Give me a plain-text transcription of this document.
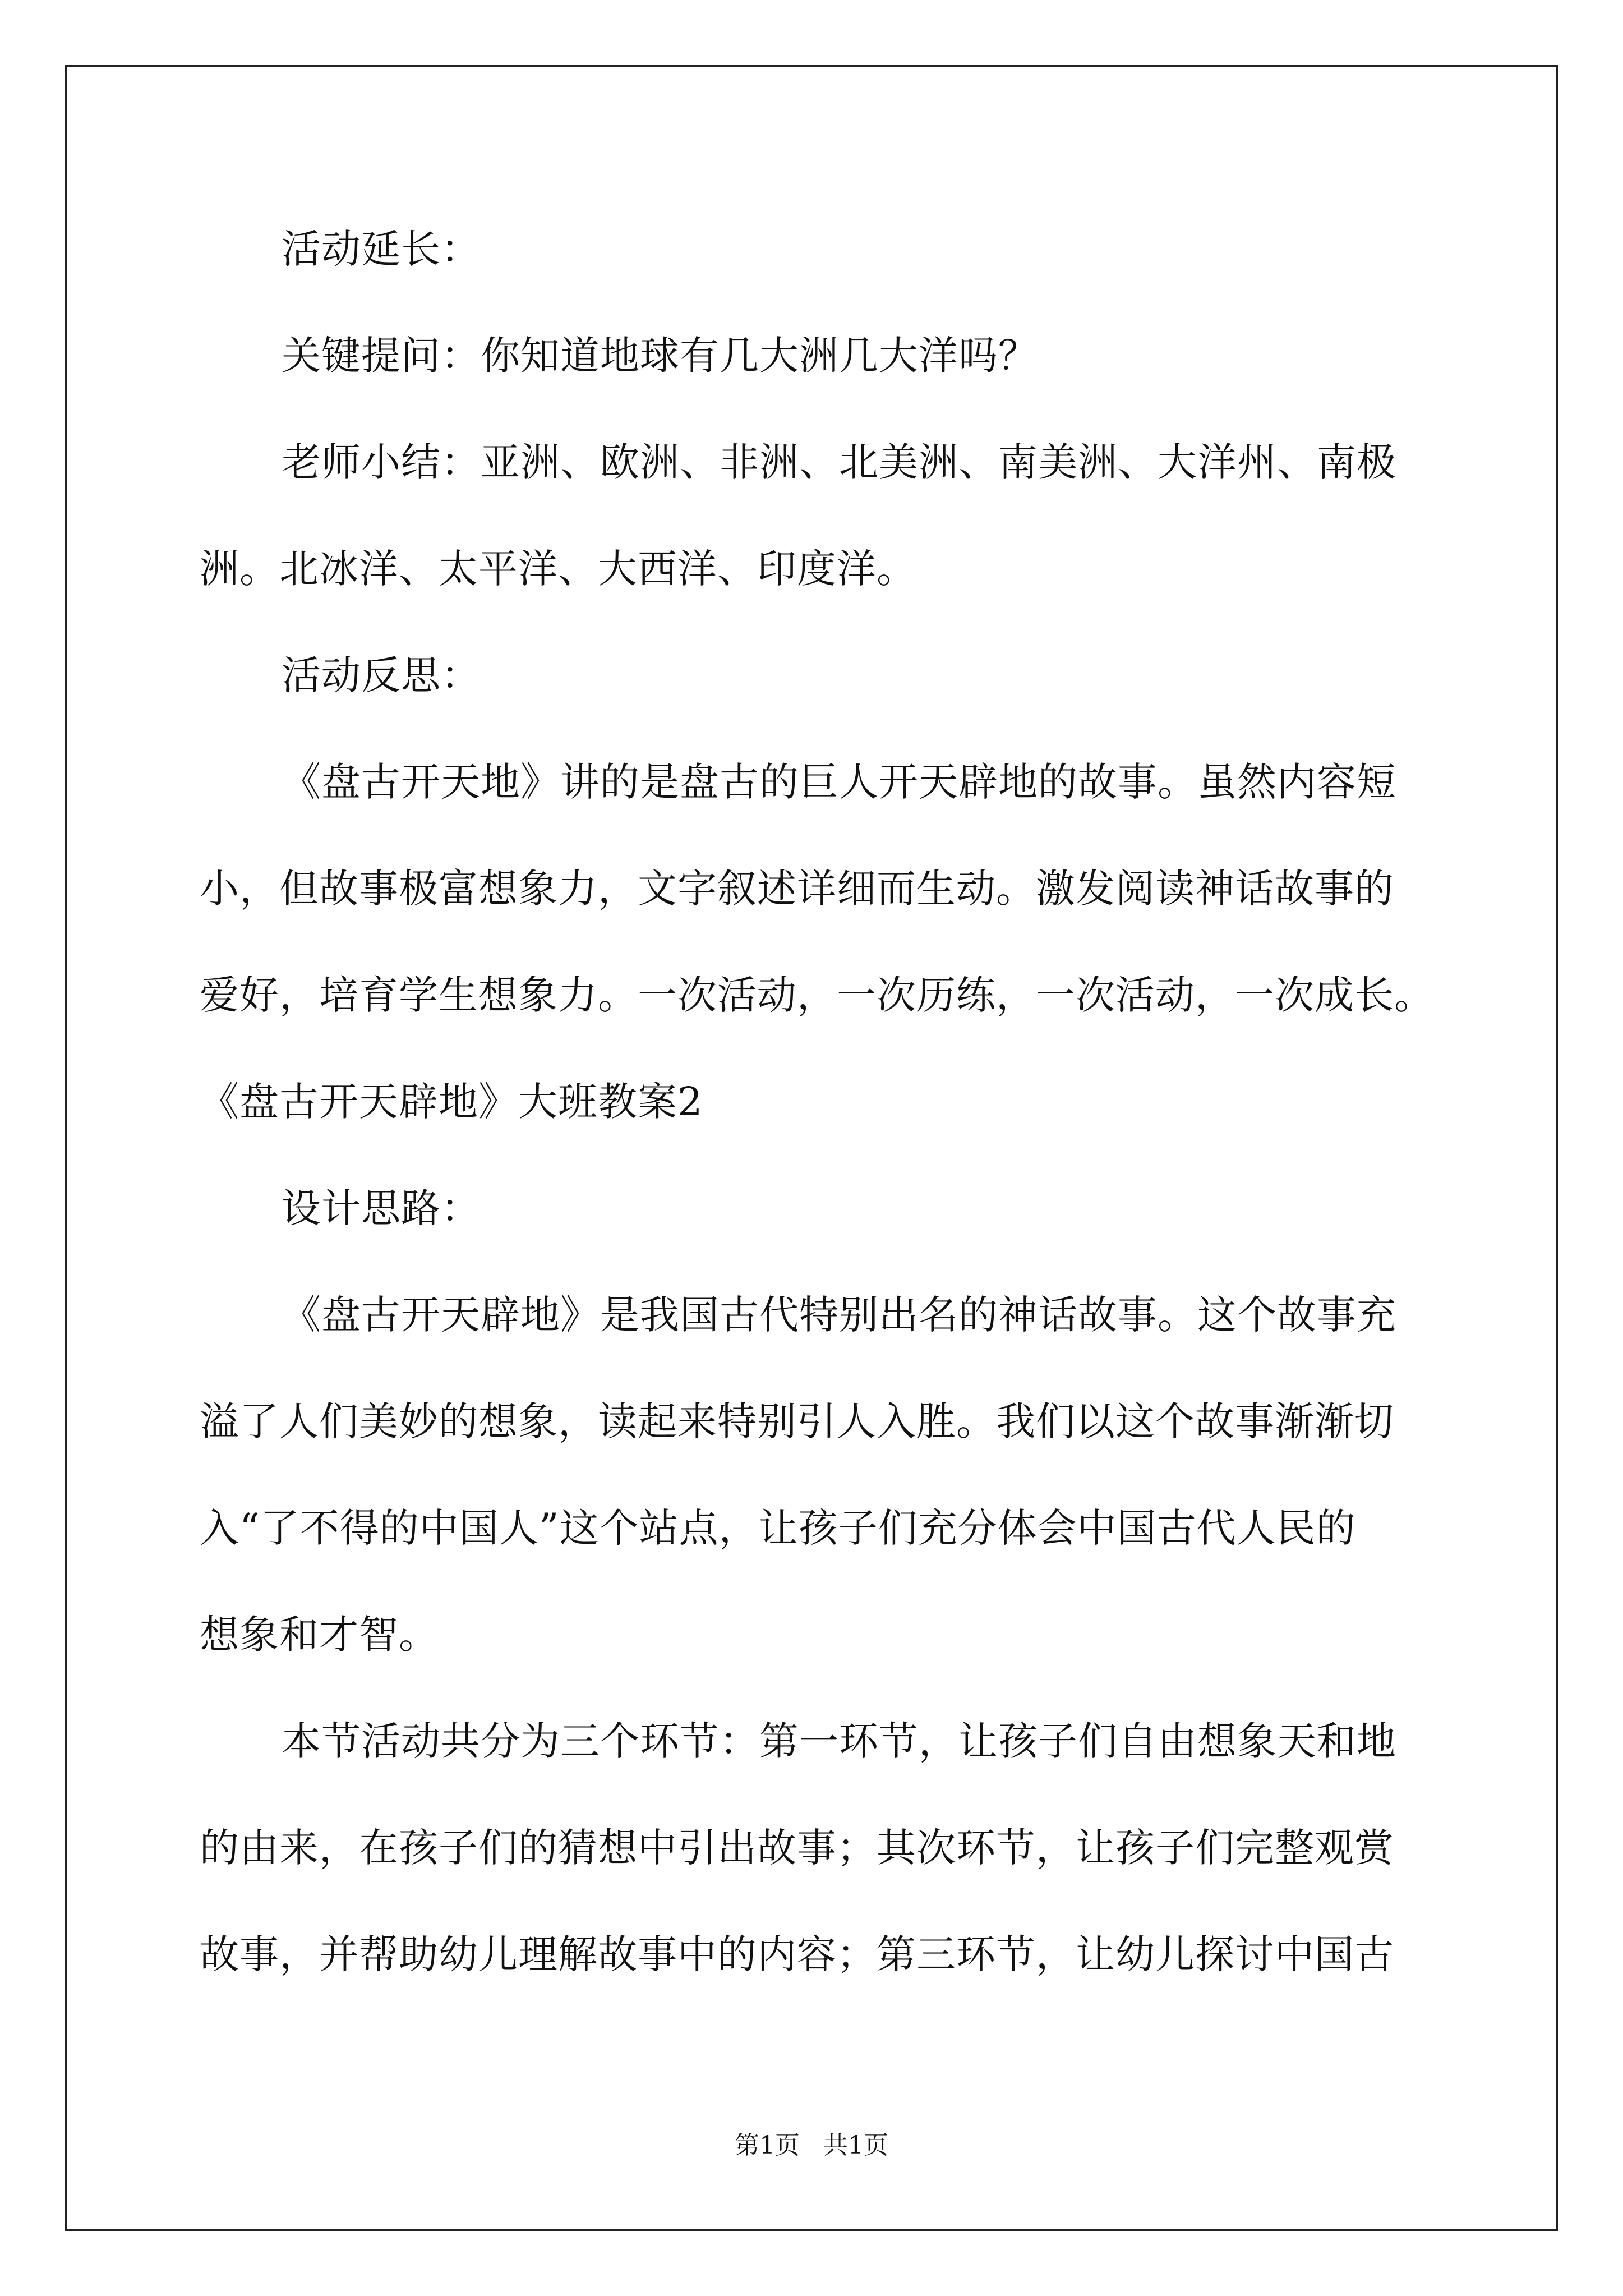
活动延长：
关键提问：你知道地球有几大洲几大洋吗？
老师小结：亚洲、欧洲、非洲、北美洲、南美洲、大洋州、南极
洲。北冰洋、太平洋、大西洋、印度洋。
活动反思：
《盘古开天地》讲的是盘古的巨人开天辟地的故事。虽然内容短
小，但故事极富想象力，文字叙述详细而生动。激发阅读神话故事的
爱好，培育学生想象力。一次活动，一次历练，一次活动，一次成长。
《盘古开天辟地》大班教案2
设计思路：
《盘古开天辟地》是我国古代特别出名的神话故事。这个故事充
溢了人们美妙的想象，读起来特别引人入胜。我们以这个故事渐渐切
入“了不得的中国人”这个站点，让孩子们充分体会中国古代人民的
想象和才智。
本节活动共分为三个环节：第一环节，让孩子们自由想象天和地
的由来，在孩子们的猜想中引出故事；其次环节，让孩子们完整观赏
故事，并帮助幼儿理解故事中的内容；第三环节，让幼儿探讨中国古
第1页   共1页
